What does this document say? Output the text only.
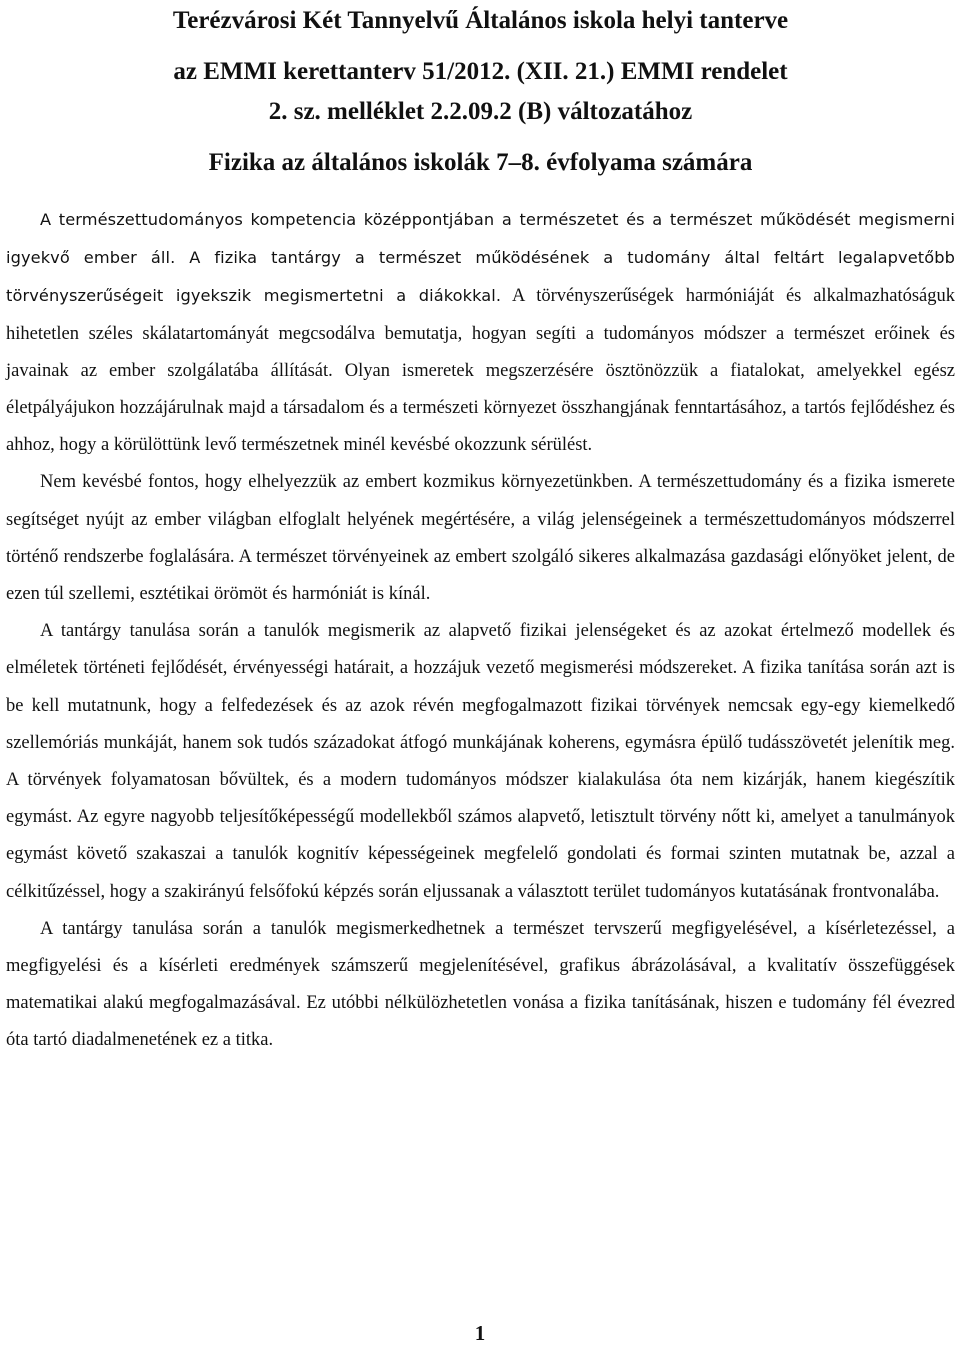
Terézvárosi Két Tannyelvű Általános iskola helyi tanterve
az EMMI kerettanterv 51/2012. (XII. 21.) EMMI rendelet
2. sz. melléklet 2.2.09.2 (B) változatához
Fizika az általános iskolák 7–8. évfolyama számára

A természettudományos kompetencia középpontjában a természetet és a természet működését megismerni igyekvő ember áll. A fizika tantárgy a természet működésének a tudomány által feltárt legalapvetőbb törvényszerűségeit igyekszik megismertetni a diákokkal. A törvényszerűségek harmóniáját és alkalmazhatóságuk hihetetlen széles skálatartományát megcsodálva bemutatja, hogyan segíti a tudományos módszer a természet erőinek és javainak az ember szolgálatába állítását. Olyan ismeretek megszerzésére ösztönözzük a fiatalokat, amelyekkel egész életpályájukon hozzájárulnak majd a társadalom és a természeti környezet összhangjának fenntartásához, a tartós fejlődéshez és ahhoz, hogy a körülöttünk levő természetnek minél kevésbé okozzunk sérülést.

Nem kevésbé fontos, hogy elhelyezzük az embert kozmikus környezetünkben. A természettudomány és a fizika ismerete segítséget nyújt az ember világban elfoglalt helyének megértésére, a világ jelenségeinek a természettudományos módszerrel történő rendszerbe foglalására. A természet törvényeinek az embert szolgáló sikeres alkalmazása gazdasági előnyöket jelent, de ezen túl szellemi, esztétikai örömöt és harmóniát is kínál.

A tantárgy tanulása során a tanulók megismerik az alapvető fizikai jelenségeket és az azokat értelmező modellek és elméletek történeti fejlődését, érvényességi határait, a hozzájuk vezető megismerési módszereket. A fizika tanítása során azt is be kell mutatnunk, hogy a felfedezések és az azok révén megfogalmazott fizikai törvények nemcsak egy-egy kiemelkedő szellemóriás munkáját, hanem sok tudós századokat átfogó munkájának koherens, egymásra épülő tudásszövetét jelenítik meg. A törvények folyamatosan bővültek, és a modern tudományos módszer kialakulása óta nem kizárják, hanem kiegészítik egymást. Az egyre nagyobb teljesítőképességű modellekből számos alapvető, letisztult törvény nőtt ki, amelyet a tanulmányok egymást követő szakaszai a tanulók kognitív képességeinek megfelelő gondolati és formai szinten mutatnak be, azzal a célkitűzéssel, hogy a szakirányú felsőfokú képzés során eljussanak a választott terület tudományos kutatásának frontvonalába.

A tantárgy tanulása során a tanulók megismerkedhetnek a természet tervszerű megfigyelésével, a kísérletezéssel, a megfigyelési és a kísérleti eredmények számszerű megjelenítésével, grafikus ábrázolásával, a kvalitatív összefüggések matematikai alakú megfogalmazásával. Ez utóbbi nélkülözhetetlen vonása a fizika tanításának, hiszen e tudomány fél évezred óta tartó diadalmenetének ez a titka.

1
